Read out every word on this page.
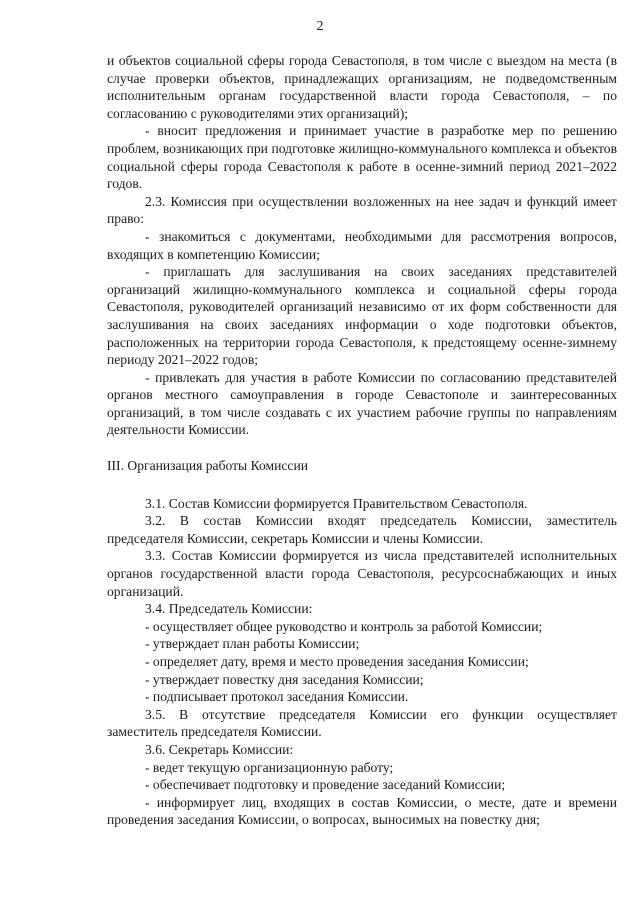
2

и объектов социальной сферы города Севастополя, в том числе с выездом на места (в случае проверки объектов, принадлежащих организациям, не подведомственным исполнительным органам государственной власти города Севастополя, – по согласованию с руководителями этих организаций);

- вносит предложения и принимает участие в разработке мер по решению проблем, возникающих при подготовке жилищно-коммунального комплекса и объектов социальной сферы города Севастополя к работе в осенне-зимний период 2021–2022 годов.

2.3. Комиссия при осуществлении возложенных на нее задач и функций имеет право:

- знакомиться с документами, необходимыми для рассмотрения вопросов, входящих в компетенцию Комиссии;

- приглашать для заслушивания на своих заседаниях представителей организаций жилищно-коммунального комплекса и социальной сферы города Севастополя, руководителей организаций независимо от их форм собственности для заслушивания на своих заседаниях информации о ходе подготовки объектов, расположенных на территории города Севастополя, к предстоящему осенне-зимнему периоду 2021–2022 годов;

- привлекать для участия в работе Комиссии по согласованию представителей органов местного самоуправления в городе Севастополе и заинтересованных организаций, в том числе создавать с их участием рабочие группы по направлениям деятельности Комиссии.

III. Организация работы Комиссии

3.1. Состав Комиссии формируется Правительством Севастополя.

3.2. В состав Комиссии входят председатель Комиссии, заместитель председателя Комиссии, секретарь Комиссии и члены Комиссии.

3.3. Состав Комиссии формируется из числа представителей исполнительных органов государственной власти города Севастополя, ресурсоснабжающих и иных организаций.

3.4. Председатель Комиссии:

- осуществляет общее руководство и контроль за работой Комиссии;

- утверждает план работы Комиссии;

- определяет дату, время и место проведения заседания Комиссии;

- утверждает повестку дня заседания Комиссии;

- подписывает протокол заседания Комиссии.

3.5. В отсутствие председателя Комиссии его функции осуществляет заместитель председателя Комиссии.

3.6. Секретарь Комиссии:

- ведет текущую организационную работу;

- обеспечивает подготовку и проведение заседаний Комиссии;

- информирует лиц, входящих в состав Комиссии, о месте, дате и времени проведения заседания Комиссии, о вопросах, выносимых на повестку дня;
